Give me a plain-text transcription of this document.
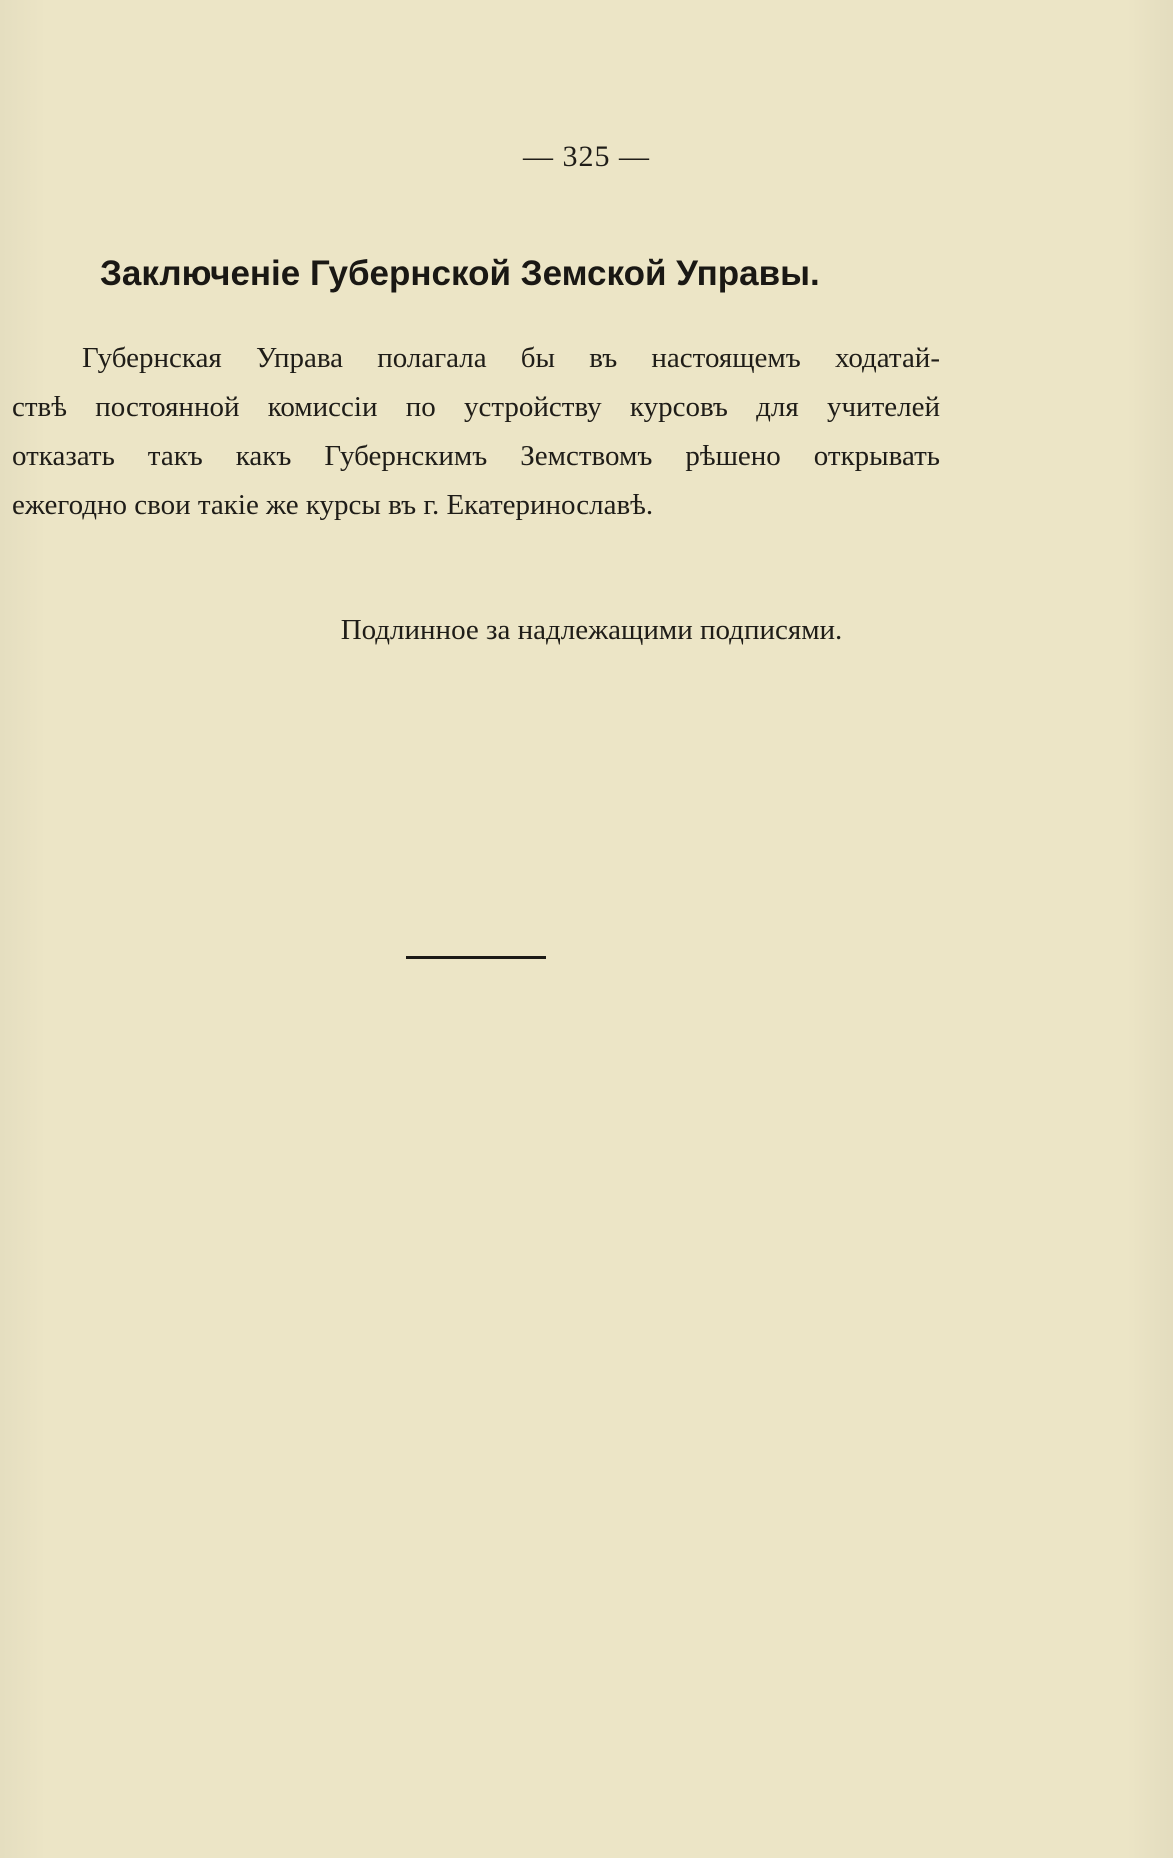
— 325 —
Заключенiе Губернской Земской Управы.
Губернская Управа полагала бы въ настоящемъ ходатай-
ствѣ постоянной комиссiи по устройству курсовъ для учителей
отказать такъ какъ Губернскимъ Земствомъ рѣшено открывать
ежегодно свои такiе же курсы въ г. Екатеринославѣ.
Подлинное за надлежащими подписями.
